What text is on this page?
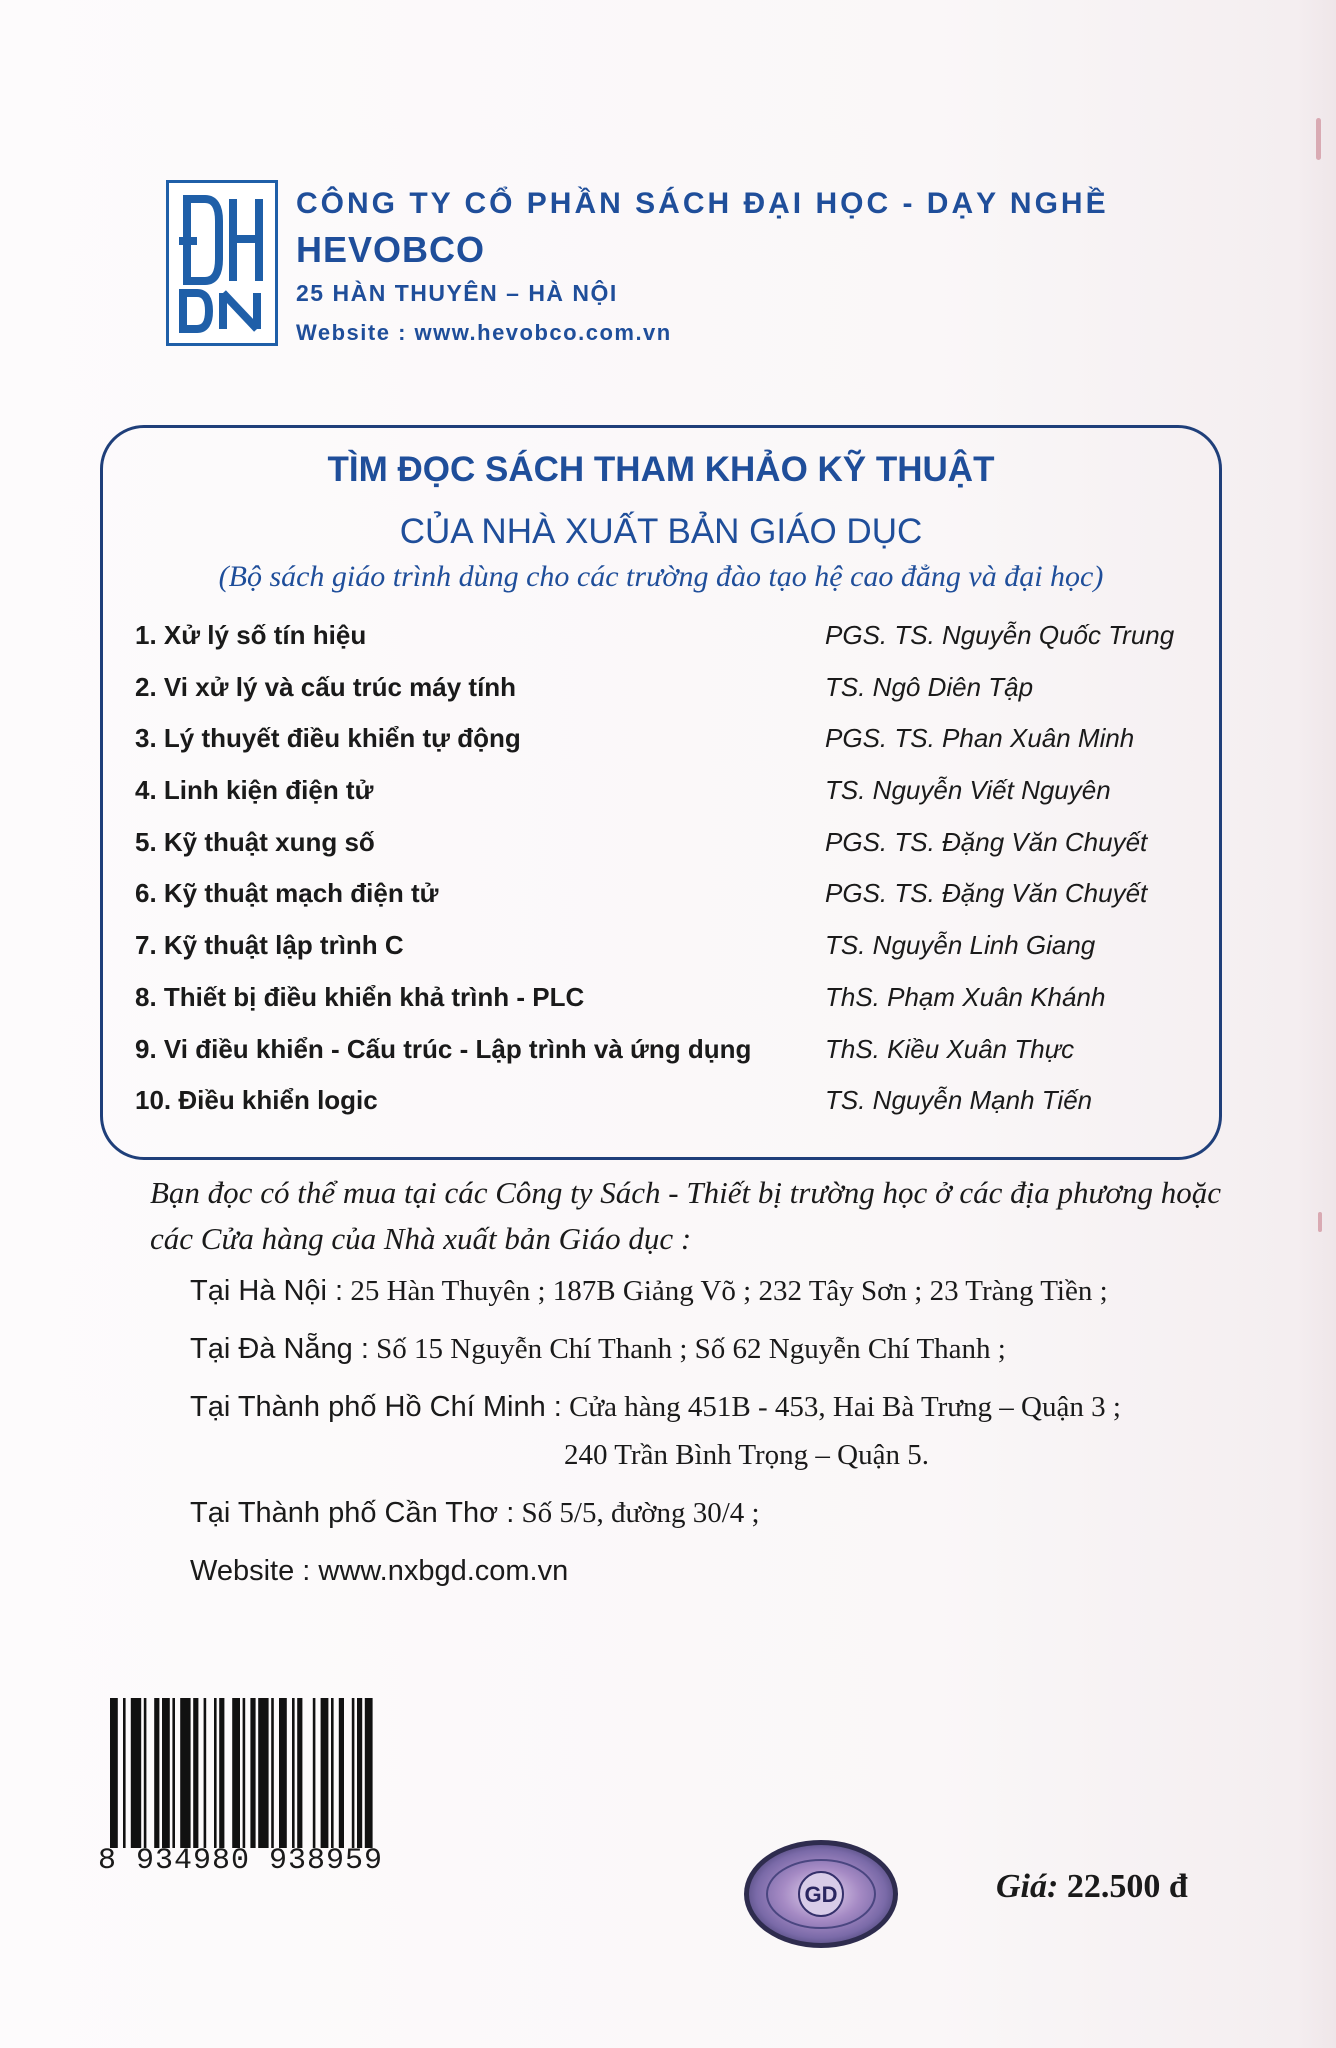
CÔNG TY CỔ PHẦN SÁCH ĐẠI HỌC - DẠY NGHỀ
HEVOBCO
25 HÀN THUYÊN – HÀ NỘI
Website : www.hevobco.com.vn
TÌM ĐỌC SÁCH THAM KHẢO KỸ THUẬT
CỦA NHÀ XUẤT BẢN GIÁO DỤC
(Bộ sách giáo trình dùng cho các trường đào tạo hệ cao đẳng và đại học)
1. Xử lý số tín hiệu	PGS. TS. Nguyễn Quốc Trung
2. Vi xử lý và cấu trúc máy tính	TS. Ngô Diên Tập
3. Lý thuyết điều khiển tự động	PGS. TS. Phan Xuân Minh
4. Linh kiện điện tử	TS. Nguyễn Viết Nguyên
5. Kỹ thuật xung số	PGS. TS. Đặng Văn Chuyết
6. Kỹ thuật mạch điện tử	PGS. TS. Đặng Văn Chuyết
7. Kỹ thuật lập trình C	TS. Nguyễn Linh Giang
8. Thiết bị điều khiển khả trình - PLC	ThS. Phạm Xuân Khánh
9. Vi điều khiển - Cấu trúc - Lập trình và ứng dụng	ThS. Kiều Xuân Thực
10. Điều khiển logic	TS. Nguyễn Mạnh Tiến
Bạn đọc có thể mua tại các Công ty Sách - Thiết bị trường học ở các địa phương hoặc các Cửa hàng của Nhà xuất bản Giáo dục :
Tại Hà Nội : 25 Hàn Thuyên ; 187B Giảng Võ ; 232 Tây Sơn ; 23 Tràng Tiền ;
Tại Đà Nẵng : Số 15 Nguyễn Chí Thanh ; Số 62 Nguyễn Chí Thanh ;
Tại Thành phố Hồ Chí Minh : Cửa hàng 451B - 453, Hai Bà Trưng – Quận 3 ;
240 Trần Bình Trọng – Quận 5.
Tại Thành phố Cần Thơ : Số 5/5, đường 30/4 ;
Website : www.nxbgd.com.vn
8 934980 938959
GD	Giá: 22.500 đ
